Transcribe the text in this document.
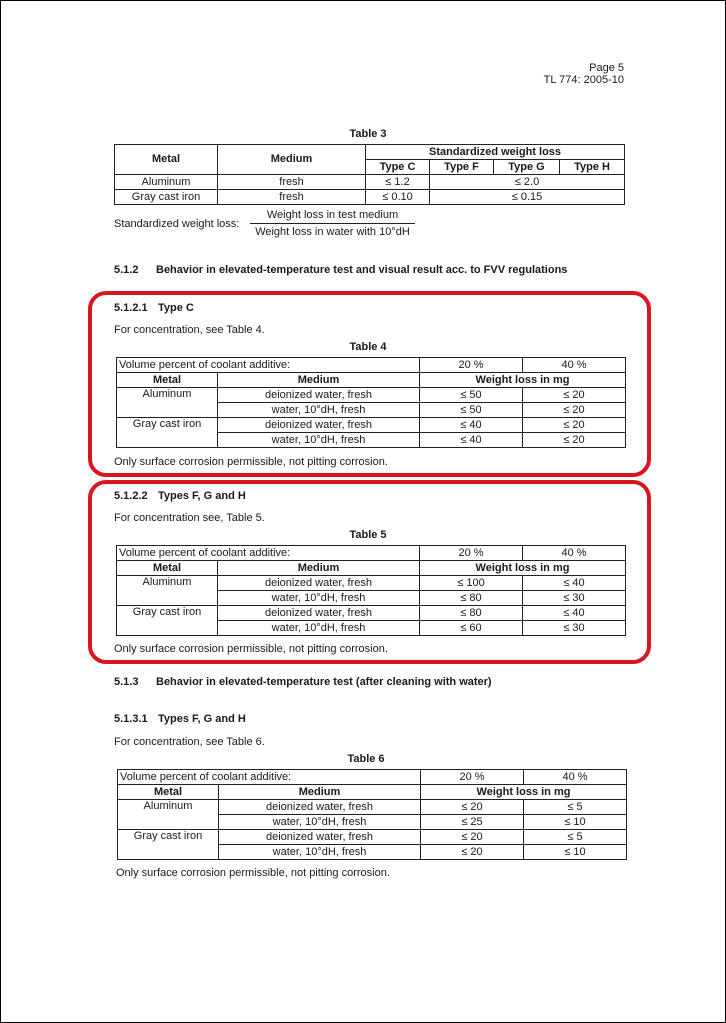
Page 5
TL 774: 2005-10
Table 3
Metal	Medium	Standardized weight loss			
		Type C	Type F	Type G	Type H
Aluminum	fresh	≤ 1.2	≤ 2.0		
Gray cast iron	fresh	≤ 0.10	≤ 0.15		
Standardized weight loss:
Weight loss in test medium
Weight loss in water with 10°dH
5.1.2 Behavior in elevated-temperature test and visual result acc. to FVV regulations
5.1.2.1 Type C
For concentration, see Table 4.
Table 4
Volume percent of coolant additive:		20 %	40 %
Metal	Medium	Weight loss in mg	
Aluminum	deionized water, fresh	≤ 50	≤ 20
	water, 10°dH, fresh	≤ 50	≤ 20
Gray cast iron	deionized water, fresh	≤ 40	≤ 20
	water, 10°dH, fresh	≤ 40	≤ 20
Only surface corrosion permissible, not pitting corrosion.
5.1.2.2 Types F, G and H
For concentration see, Table 5.
Table 5
Volume percent of coolant additive:		20 %	40 %
Metal	Medium	Weight loss in mg	
Aluminum	deionized water, fresh	≤ 100	≤ 40
	water, 10°dH, fresh	≤ 80	≤ 30
Gray cast iron	deionized water, fresh	≤ 80	≤ 40
	water, 10°dH, fresh	≤ 60	≤ 30
Only surface corrosion permissible, not pitting corrosion.
5.1.3 Behavior in elevated-temperature test (after cleaning with water)
5.1.3.1 Types F, G and H
For concentration, see Table 6.
Table 6
Volume percent of coolant additive:		20 %	40 %
Metal	Medium	Weight loss in mg	
Aluminum	deionized water, fresh	≤ 20	≤ 5
	water, 10°dH, fresh	≤ 25	≤ 10
Gray cast iron	deionized water, fresh	≤ 20	≤ 5
	water, 10°dH, fresh	≤ 20	≤ 10
Only surface corrosion permissible, not pitting corrosion.
